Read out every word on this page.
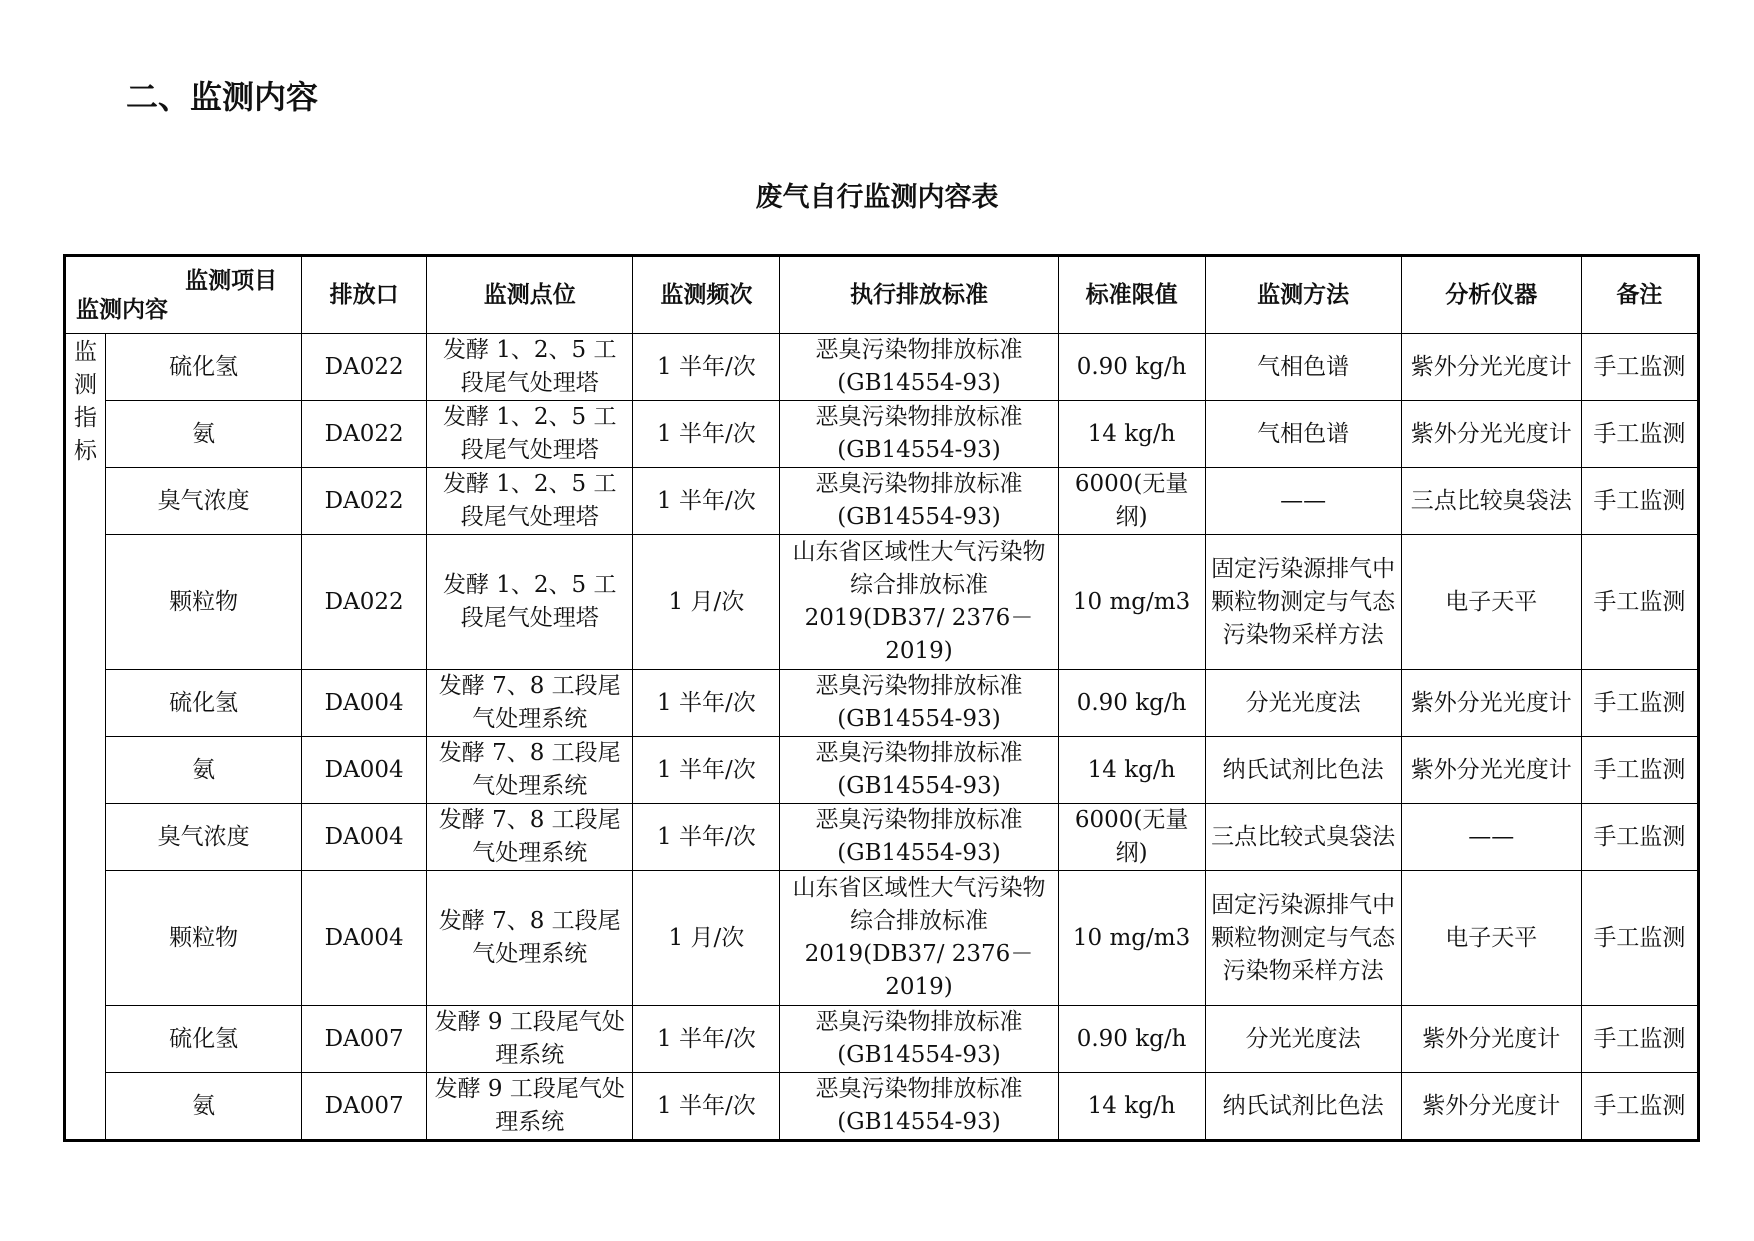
二、监测内容
废气自行监测内容表
监测项目
监测内容		排放口	监测点位	监测频次	执行排放标准	标准限值	监测方法	分析仪器	备注

监测指标	硫化氢	DA022	发酵 1、2、5 工段尾气处理塔	1 半年/次	恶臭污染物排放标准 (GB14554-93)	0.90 kg/h	气相色谱	紫外分光光度计	手工监测
	氨	DA022	发酵 1、2、5 工段尾气处理塔	1 半年/次	恶臭污染物排放标准 (GB14554-93)	14 kg/h	气相色谱	紫外分光光度计	手工监测
	臭气浓度	DA022	发酵 1、2、5 工段尾气处理塔	1 半年/次	恶臭污染物排放标准 (GB14554-93)	6000(无量纲)	——	三点比较臭袋法	手工监测
	颗粒物	DA022	发酵 1、2、5 工段尾气处理塔	1 月/次	山东省区域性大气污染物综合排放标准 2019(DB37/ 2376－2019)	10 mg/m3	固定污染源排气中颗粒物测定与气态污染物采样方法	电子天平	手工监测
	硫化氢	DA004	发酵 7、8 工段尾气处理系统	1 半年/次	恶臭污染物排放标准 (GB14554-93)	0.90 kg/h	分光光度法	紫外分光光度计	手工监测
	氨	DA004	发酵 7、8 工段尾气处理系统	1 半年/次	恶臭污染物排放标准 (GB14554-93)	14 kg/h	纳氏试剂比色法	紫外分光光度计	手工监测
	臭气浓度	DA004	发酵 7、8 工段尾气处理系统	1 半年/次	恶臭污染物排放标准 (GB14554-93)	6000(无量纲)	三点比较式臭袋法	——	手工监测
	颗粒物	DA004	发酵 7、8 工段尾气处理系统	1 月/次	山东省区域性大气污染物综合排放标准 2019(DB37/ 2376－2019)	10 mg/m3	固定污染源排气中颗粒物测定与气态污染物采样方法	电子天平	手工监测
	硫化氢	DA007	发酵 9 工段尾气处理系统	1 半年/次	恶臭污染物排放标准 (GB14554-93)	0.90 kg/h	分光光度法	紫外分光度计	手工监测
	氨	DA007	发酵 9 工段尾气处理系统	1 半年/次	恶臭污染物排放标准 (GB14554-93)	14 kg/h	纳氏试剂比色法	紫外分光度计	手工监测
